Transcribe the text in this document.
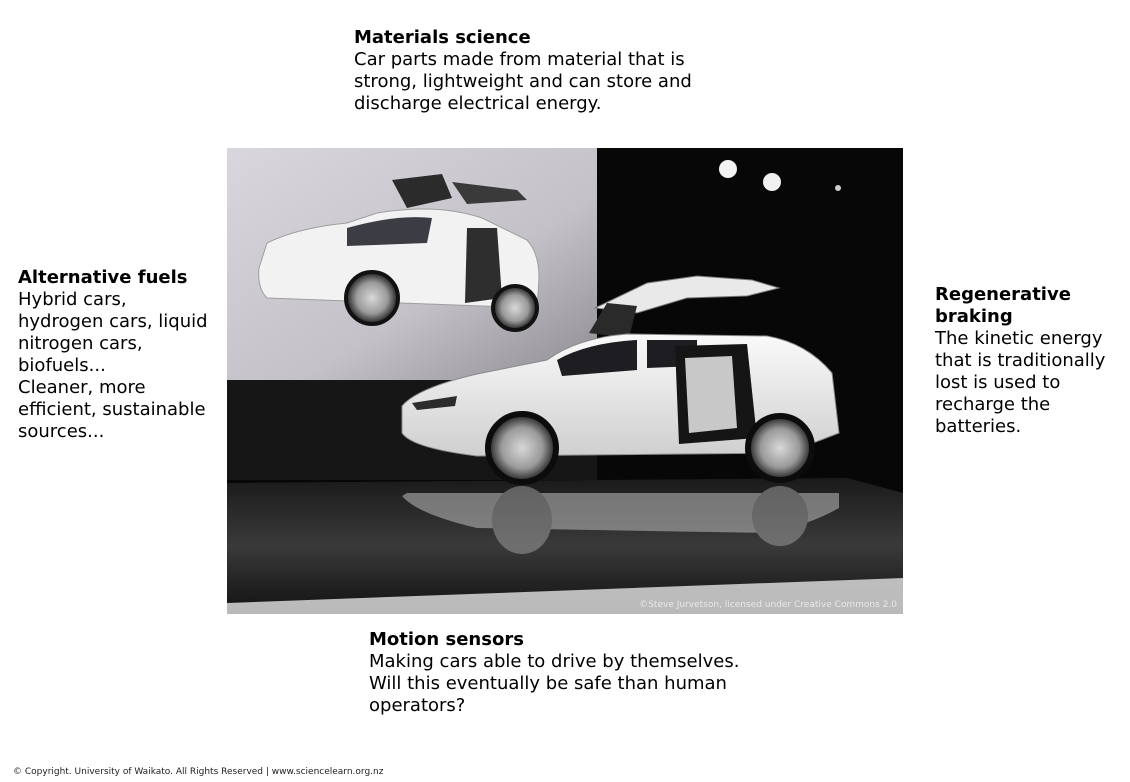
Materials science
Car parts made from material that is
strong, lightweight and can store and
discharge electrical energy.
Alternative fuels
Hybrid cars,
hydrogen cars, liquid
nitrogen cars,
biofuels...
Cleaner, more
efficient, sustainable
sources...
Regenerative
braking
The kinetic energy
that is traditionally
lost is used to
recharge the
batteries.
Motion sensors
Making cars able to drive by themselves.
Will this eventually be safe than human
operators?
©Steve Jurvetson, licensed under Creative Commons 2.0
© Copyright. University of Waikato. All Rights Reserved | www.sciencelearn.org.nz
